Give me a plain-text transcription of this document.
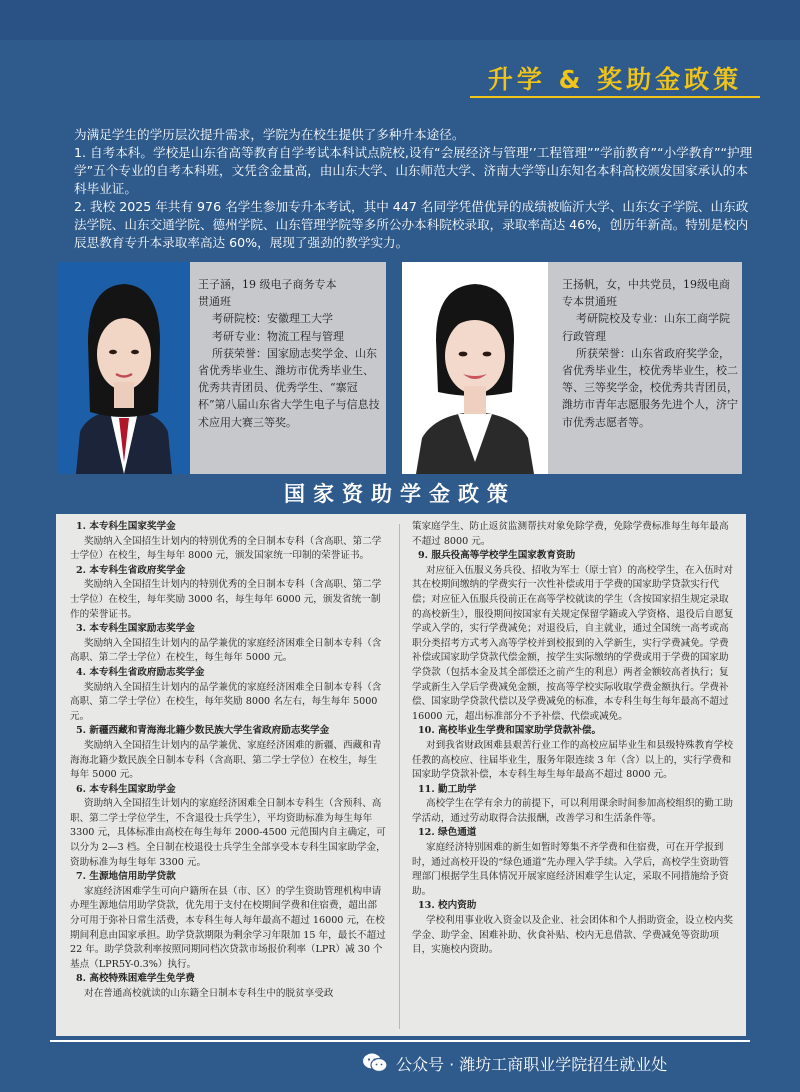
升学 & 奖助金政策

为满足学生的学历层次提升需求，学院为在校生提供了多种升本途径。

1. 自考本科。学校是山东省高等教育自学考试本科试点院校,设有“会展经济与管理’’工程管理””学前教育”“小学教育”“护理学”五个专业的自考本科班，文凭含金量高，由山东大学、山东师范大学、济南大学等山东知名本科高校颁发国家承认的本科毕业证。

2. 我校 2025 年共有 976 名学生参加专升本考试，其中 447 名同学凭借优异的成绩被临沂大学、山东女子学院、山东政法学院、山东交通学院、德州学院、山东管理学院等多所公办本科院校录取，录取率高达 46%，创历年新高。特别是校内辰思教育专升本录取率高达 60%，展现了强劲的教学实力。

王子涵，19 级电子商务专本
贯通班
考研院校：安徽理工大学
考研专业：物流工程与管理
所获荣誉：国家励志奖学金、山东省优秀毕业生、潍坊市优秀毕业生、优秀共青团员、优秀学生、“寨冠杯”第八届山东省大学生电子与信息技术应用大赛三等奖。
王扬帆，女，中共党员，19级电商专本贯通班
考研院校及专业：山东工商学院 行政管理
所获荣誉：山东省政府奖学金，省优秀毕业生，校优秀毕业生，校二等、三等奖学金，校优秀共青团员，潍坊市青年志愿服务先进个人，济宁市优秀志愿者等。
国家资助学金政策
1. 本专科生国家奖学金
奖励纳入全国招生计划内的特别优秀的全日制本专科（含高职、第二学士学位）在校生，每生每年 8000 元，颁发国家统一印制的荣誉证书。
2. 本专科生省政府奖学金
奖励纳入全国招生计划内的特别优秀的全日制本专科（含高职、第二学士学位）在校生，每年奖励 3000 名，每生每年 6000 元，颁发省统一制作的荣誉证书。
3. 本专科生国家励志奖学金
奖励纳入全国招生计划内的品学兼优的家庭经济困难全日制本专科（含高职、第二学士学位）在校生，每生每年 5000 元。
4. 本专科生省政府励志奖学金
奖励纳入全国招生计划内的品学兼优的家庭经济困难全日制本专科（含高职、第二学士学位）在校生，每年奖励 8000 名左右，每生每年 5000 元。
5. 新疆西藏和青海海北籍少数民族大学生省政府励志奖学金
奖励纳入全国招生计划内的品学兼优、家庭经济困难的新疆、西藏和青海海北籍少数民族全日制本专科（含高职、第二学士学位）在校生，每生每年 5000 元。
6. 本专科生国家助学金
资助纳入全国招生计划内的家庭经济困难全日制本专科生（含预科、高职、第二学士学位学生，不含退役士兵学生），平均资助标准为每生每年 3300 元，具体标准由高校在每生每年 2000-4500 元范围内自主确定，可以分为 2—3 档。全日制在校退役士兵学生全部享受本专科生国家助学金，资助标准为每生每年 3300 元。
7. 生源地信用助学贷款
家庭经济困难学生可向户籍所在县（市、区）的学生资助管理机构申请办理生源地信用助学贷款，优先用于支付在校期间学费和住宿费，超出部分可用于弥补日常生活费，本专科生每人每年最高不超过 16000 元，在校期间利息由国家承担。助学贷款期限为剩余学习年限加 15 年，最长不超过 22 年。助学贷款利率按照同期同档次贷款市场报价利率（LPR）减 30 个基点（LPR5Y-0.3%）执行。
8. 高校特殊困难学生免学费
对在普通高校就读的山东籍全日制本专科生中的脱贫享受政
策家庭学生、防止返贫监测帮扶对象免除学费，免除学费标准每生每年最高不超过 8000 元。
9. 服兵役高等学校学生国家教育资助
对应征入伍服义务兵役、招收为军士（原士官）的高校学生，在入伍时对其在校期间缴纳的学费实行一次性补偿或用于学费的国家助学贷款实行代偿；对应征入伍服兵役前正在高等学校就读的学生（含按国家招生规定录取的高校新生），服役期间按国家有关规定保留学籍或入学资格、退役后自愿复学或入学的，实行学费减免；对退役后，自主就业，通过全国统一高考或高职分类招考方式考入高等学校并到校报到的入学新生，实行学费减免。学费补偿或国家助学贷款代偿金额，按学生实际缴纳的学费或用于学费的国家助学贷款（包括本金及其全部偿还之前产生的利息）两者金额较高者执行；复学或新生入学后学费减免金额，按高等学校实际收取学费金额执行。学费补偿、国家助学贷款代偿以及学费减免的标准，本专科生每生每年最高不超过 16000 元，超出标准部分不予补偿、代偿或减免。
10. 高校毕业生学费和国家助学贷款补偿。
对到我省财政困难县艰苦行业工作的高校应届毕业生和县级特殊教育学校任教的高校应、往届毕业生，服务年限连续 3 年（含）以上的，实行学费和国家助学贷款补偿，本专科生每生每年最高不超过 8000 元。
11. 勤工助学
高校学生在学有余力的前提下，可以利用课余时间参加高校组织的勤工助学活动，通过劳动取得合法报酬，改善学习和生活条件等。
12. 绿色通道
家庭经济特别困难的新生如暂时筹集不齐学费和住宿费，可在开学报到时，通过高校开设的“绿色通道”先办理入学手续。入学后，高校学生资助管理部门根据学生具体情况开展家庭经济困难学生认定，采取不同措施给予资助。
13. 校内资助
学校利用事业收入资金以及企业、社会团体和个人捐助资金，设立校内奖学金、助学金、困难补助、伙食补贴、校内无息借款、学费减免等资助项目，实施校内资助。
公众号 · 潍坊工商职业学院招生就业处
